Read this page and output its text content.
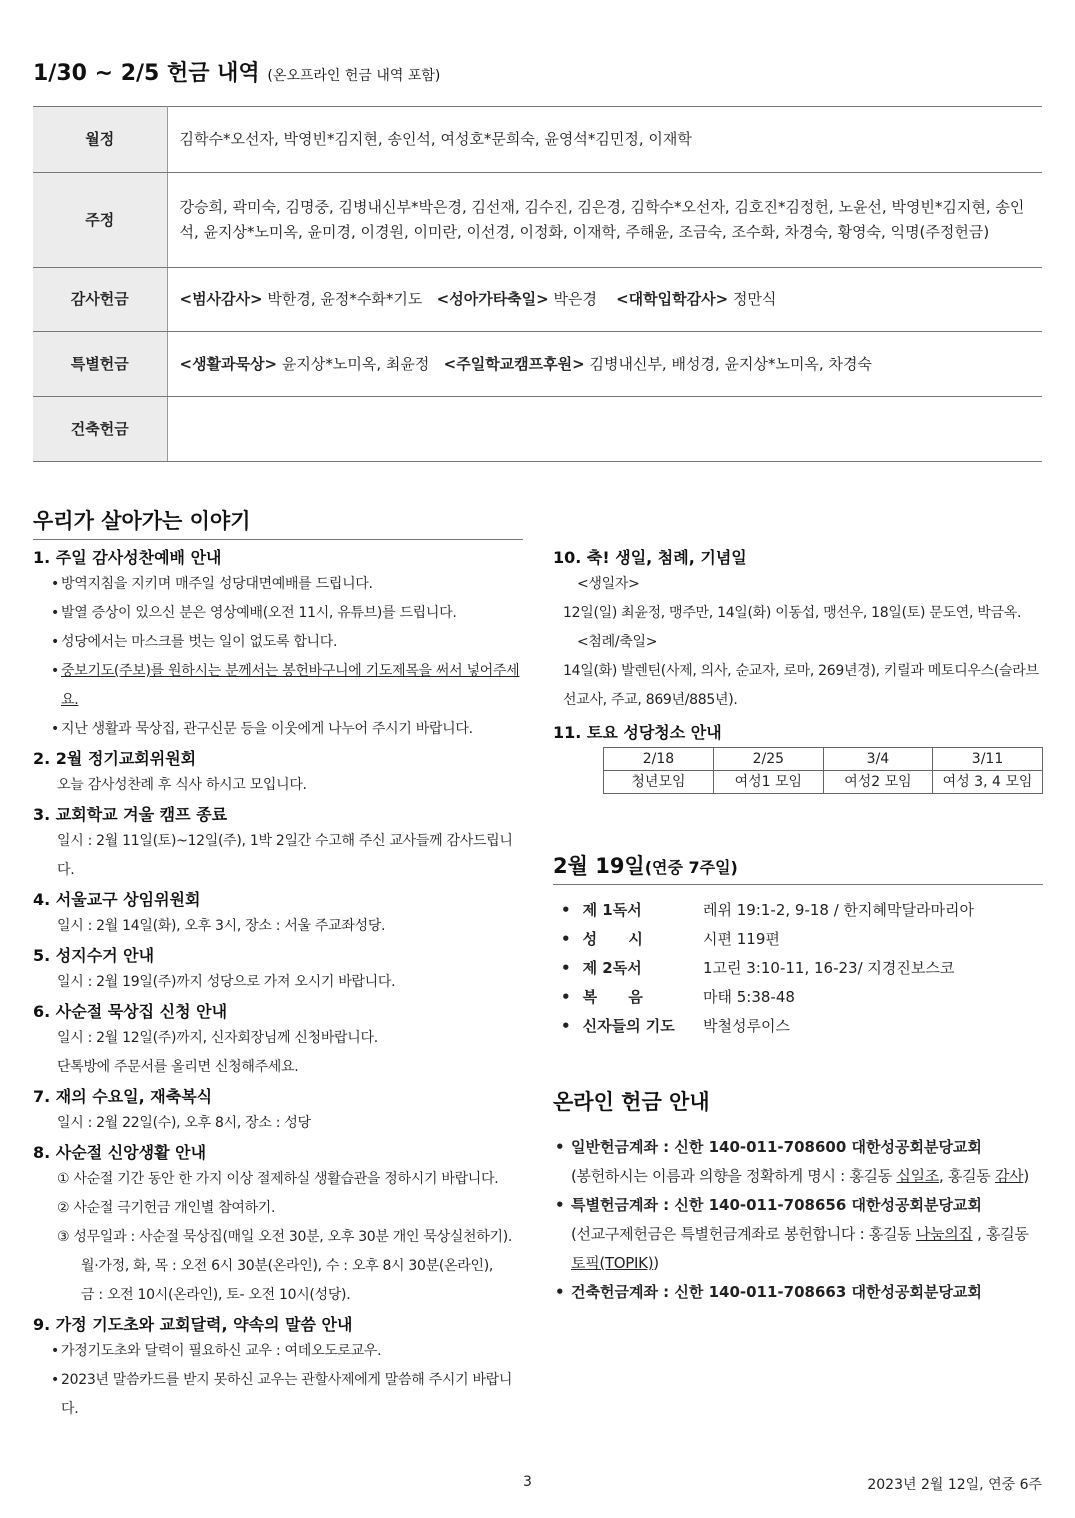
1/30 ~ 2/5 헌금 내역 (온오프라인 헌금 내역 포함)
월정	김학수*오선자, 박영빈*김지현, 송인석, 여성호*문희숙, 윤영석*김민정, 이재학
주정	강승희, 곽미숙, 김명중, 김병내신부*박은경, 김선재, 김수진, 김은경, 김학수*오선자, 김호진*김정헌, 노윤선, 박영빈*김지현, 송인석, 윤지상*노미옥, 윤미경, 이경원, 이미란, 이선경, 이정화, 이재학, 주해윤, 조금숙, 조수화, 차경숙, 황영숙, 익명(주정헌금)
감사헌금	<범사감사> 박한경, 윤정*수화*기도 <성아가타축일> 박은경 <대학입학감사> 정만식
특별헌금	<생활과묵상> 윤지상*노미옥, 최윤정 <주일학교캠프후원> 김병내신부, 배성경, 윤지상*노미옥, 차경숙
건축헌금	
우리가 살아가는 이야기
1. 주일 감사성찬예배 안내
• 방역지침을 지키며 매주일 성당대면예배를 드립니다.
• 발열 증상이 있으신 분은 영상예배(오전 11시, 유튜브)를 드립니다.
• 성당에서는 마스크를 벗는 일이 없도록 합니다.
• 중보기도(주보)를 원하시는 분께서는 봉헌바구니에 기도제목을 써서 넣어주세요.
• 지난 생활과 묵상집, 관구신문 등을 이웃에게 나누어 주시기 바랍니다.
2. 2월 정기교회위원회
오늘 감사성찬례 후 식사 하시고 모입니다.
3. 교회학교 겨울 캠프 종료
일시 : 2월 11일(토)~12일(주), 1박 2일간 수고해 주신 교사들께 감사드립니다.
4. 서울교구 상임위원회
일시 : 2월 14일(화), 오후 3시, 장소 : 서울 주교좌성당.
5. 성지수거 안내
일시 : 2월 19일(주)까지 성당으로 가져 오시기 바랍니다.
6. 사순절 묵상집 신청 안내
일시 : 2월 12일(주)까지, 신자회장님께 신청바랍니다.
단톡방에 주문서를 올리면 신청해주세요.
7. 재의 수요일, 재축복식
일시 : 2월 22일(수), 오후 8시, 장소 : 성당
8. 사순절 신앙생활 안내
① 사순절 기간 동안 한 가지 이상 절제하실 생활습관을 정하시기 바랍니다.
② 사순절 극기헌금 개인별 참여하기.
③ 성무일과 : 사순절 묵상집(매일 오전 30분, 오후 30분 개인 묵상실천하기).
월·가정, 화, 목 : 오전 6시 30분(온라인), 수 : 오후 8시 30분(온라인),
금 : 오전 10시(온라인), 토- 오전 10시(성당).
9. 가정 기도초와 교회달력, 약속의 말씀 안내
• 가정기도초와 달력이 필요하신 교우 : 여데오도로교우.
• 2023년 말씀카드를 받지 못하신 교우는 관할사제에게 말씀해 주시기 바랍니다.
10. 축! 생일, 첨례, 기념일
<생일자>
12일(일) 최윤정, 맹주만, 14일(화) 이동섭, 맹선우, 18일(토) 문도연, 박금옥.
<첨례/축일>
14일(화) 발렌틴(사제, 의사, 순교자, 로마, 269년경), 키릴과 메토디우스(슬라브 선교사, 주교, 869년/885년).
11. 토요 성당청소 안내
2/18	2/25	3/4	3/11
청년모임	여성1 모임	여성2 모임	여성 3, 4 모임
2월 19일(연중 7주일)
• 제 1독서	레위 19:1-2, 9-18 / 한지혜막달라마리아
• 성      시	시편 119편
• 제 2독서	1고린 3:10-11, 16-23/ 지경진보스코
• 복      음	마태 5:38-48
• 신자들의 기도	박철성루이스
온라인 헌금 안내
• 일반헌금계좌 : 신한 140-011-708600 대한성공회분당교회
(봉헌하시는 이름과 의향을 정확하게 명시 : 홍길동 십일조, 홍길동 감사)
• 특별헌금계좌 : 신한 140-011-708656 대한성공회분당교회
(선교구제헌금은 특별헌금계좌로 봉헌합니다 : 홍길동 나눔의집 , 홍길동
토픽(TOPIK))
• 건축헌금계좌 : 신한 140-011-708663 대한성공회분당교회
3	2023년 2월 12일, 연중 6주
